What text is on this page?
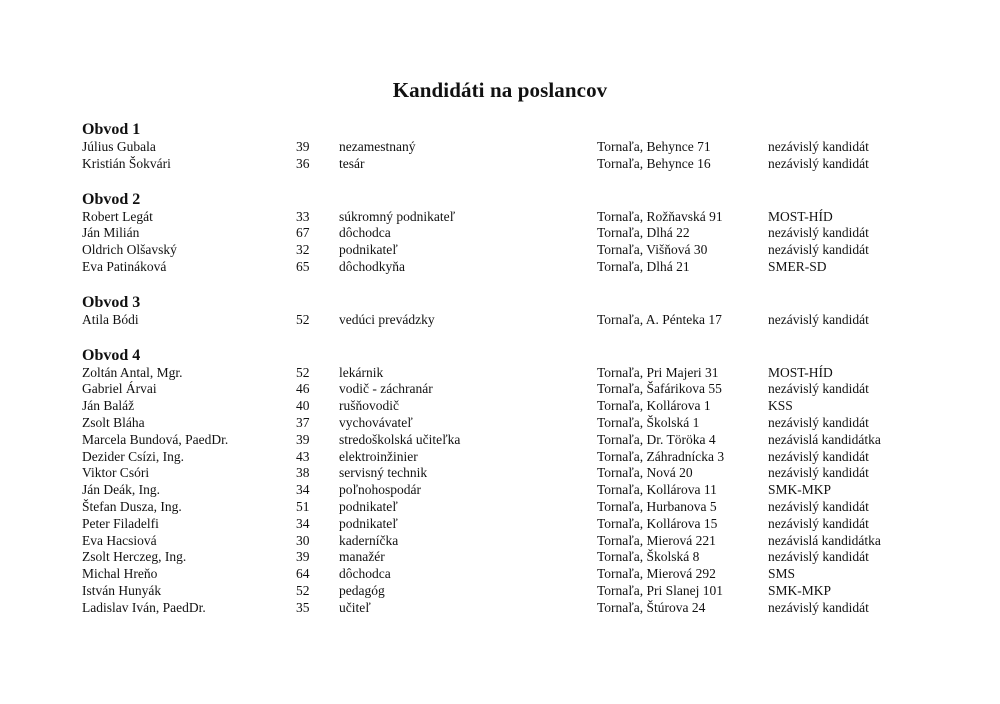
Kandidáti na poslancov
Obvod 1
Július Gubala	39 nezamestnaný	Tornaľa, Behynce 71	nezávislý kandidát
Kristián Šokvári	36 tesár	Tornaľa, Behynce 16	nezávislý kandidát
Obvod 2
Robert Legát	33 súkromný podnikateľ	Tornaľa, Rožňavská 91	MOST-HÍD
Ján Milián	67 dôchodca	Tornaľa, Dlhá 22	nezávislý kandidát
Oldrich Olšavský	32 podnikateľ	Tornaľa, Višňová 30	nezávislý kandidát
Eva Patináková	65 dôchodkyňa	Tornaľa, Dlhá 21	SMER-SD
Obvod 3
Atila Bódi	52 vedúci prevádzky	Tornaľa, A. Pénteka 17	nezávislý kandidát
Obvod 4
Zoltán Antal, Mgr.	52 lekárnik	Tornaľa, Pri Majeri 31	MOST-HÍD
Gabriel Árvai	46 vodič - záchranár	Tornaľa, Šafárikova 55	nezávislý kandidát
Ján Baláž	40 rušňovodič	Tornaľa, Kollárova 1	KSS
Zsolt Bláha	37 vychovávateľ	Tornaľa, Školská 1	nezávislý kandidát
Marcela Bundová, PaedDr.	39 stredoškolská učiteľka	Tornaľa, Dr. Töröka 4	nezávislá kandidátka
Dezider Csízi, Ing.	43 elektroinžinier	Tornaľa, Záhradnícka 3	nezávislý kandidát
Viktor Csóri	38 servisný technik	Tornaľa, Nová 20	nezávislý kandidát
Ján Deák, Ing.	34 poľnohospodár	Tornaľa, Kollárova 11	SMK-MKP
Štefan Dusza, Ing.	51 podnikateľ	Tornaľa, Hurbanova 5	nezávislý kandidát
Peter Filadelfi	34 podnikateľ	Tornaľa, Kollárova 15	nezávislý kandidát
Eva Hacsiová	30 kaderníčka	Tornaľa, Mierová 221	nezávislá kandidátka
Zsolt Herczeg, Ing.	39 manažér	Tornaľa, Školská 8	nezávislý kandidát
Michal Hreňo	64 dôchodca	Tornaľa, Mierová 292	SMS
István Hunyák	52 pedagóg	Tornaľa, Pri Slanej 101	SMK-MKP
Ladislav Iván, PaedDr.	35 učiteľ	Tornaľa, Štúrova 24	nezávislý kandidát
